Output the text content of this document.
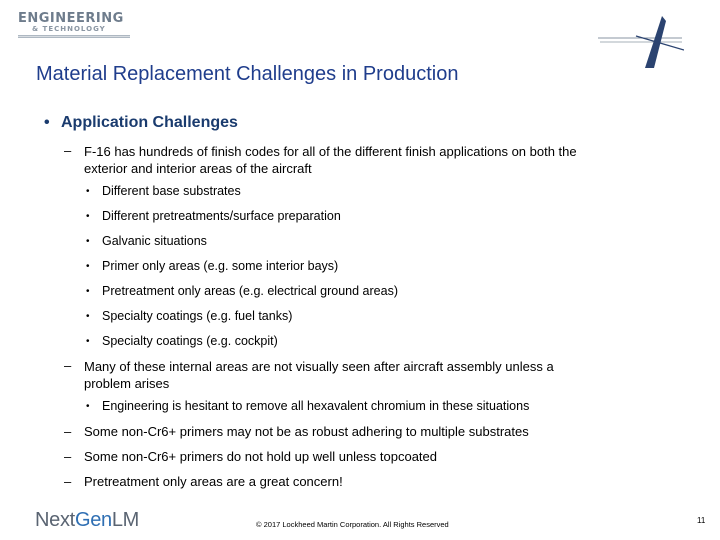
ENGINEERING
& TECHNOLOGY
Material Replacement Challenges in Production
• Application Challenges
– F-16 has hundreds of finish codes for all of the different finish applications on both the
exterior and interior areas of the aircraft
• Different base substrates
• Different pretreatments/surface preparation
• Galvanic situations
• Primer only areas (e.g. some interior bays)
• Pretreatment only areas (e.g. electrical ground areas)
• Specialty coatings (e.g. fuel tanks)
• Specialty coatings (e.g. cockpit)
– Many of these internal areas are not visually seen after aircraft assembly unless a
problem arises
• Engineering is hesitant to remove all hexavalent chromium in these situations
– Some non-Cr6+ primers may not be as robust adhering to multiple substrates
– Some non-Cr6+ primers do not hold up well unless topcoated
– Pretreatment only areas are a great concern!
NextGenLM	© 2017 Lockheed Martin Corporation. All Rights Reserved	11
